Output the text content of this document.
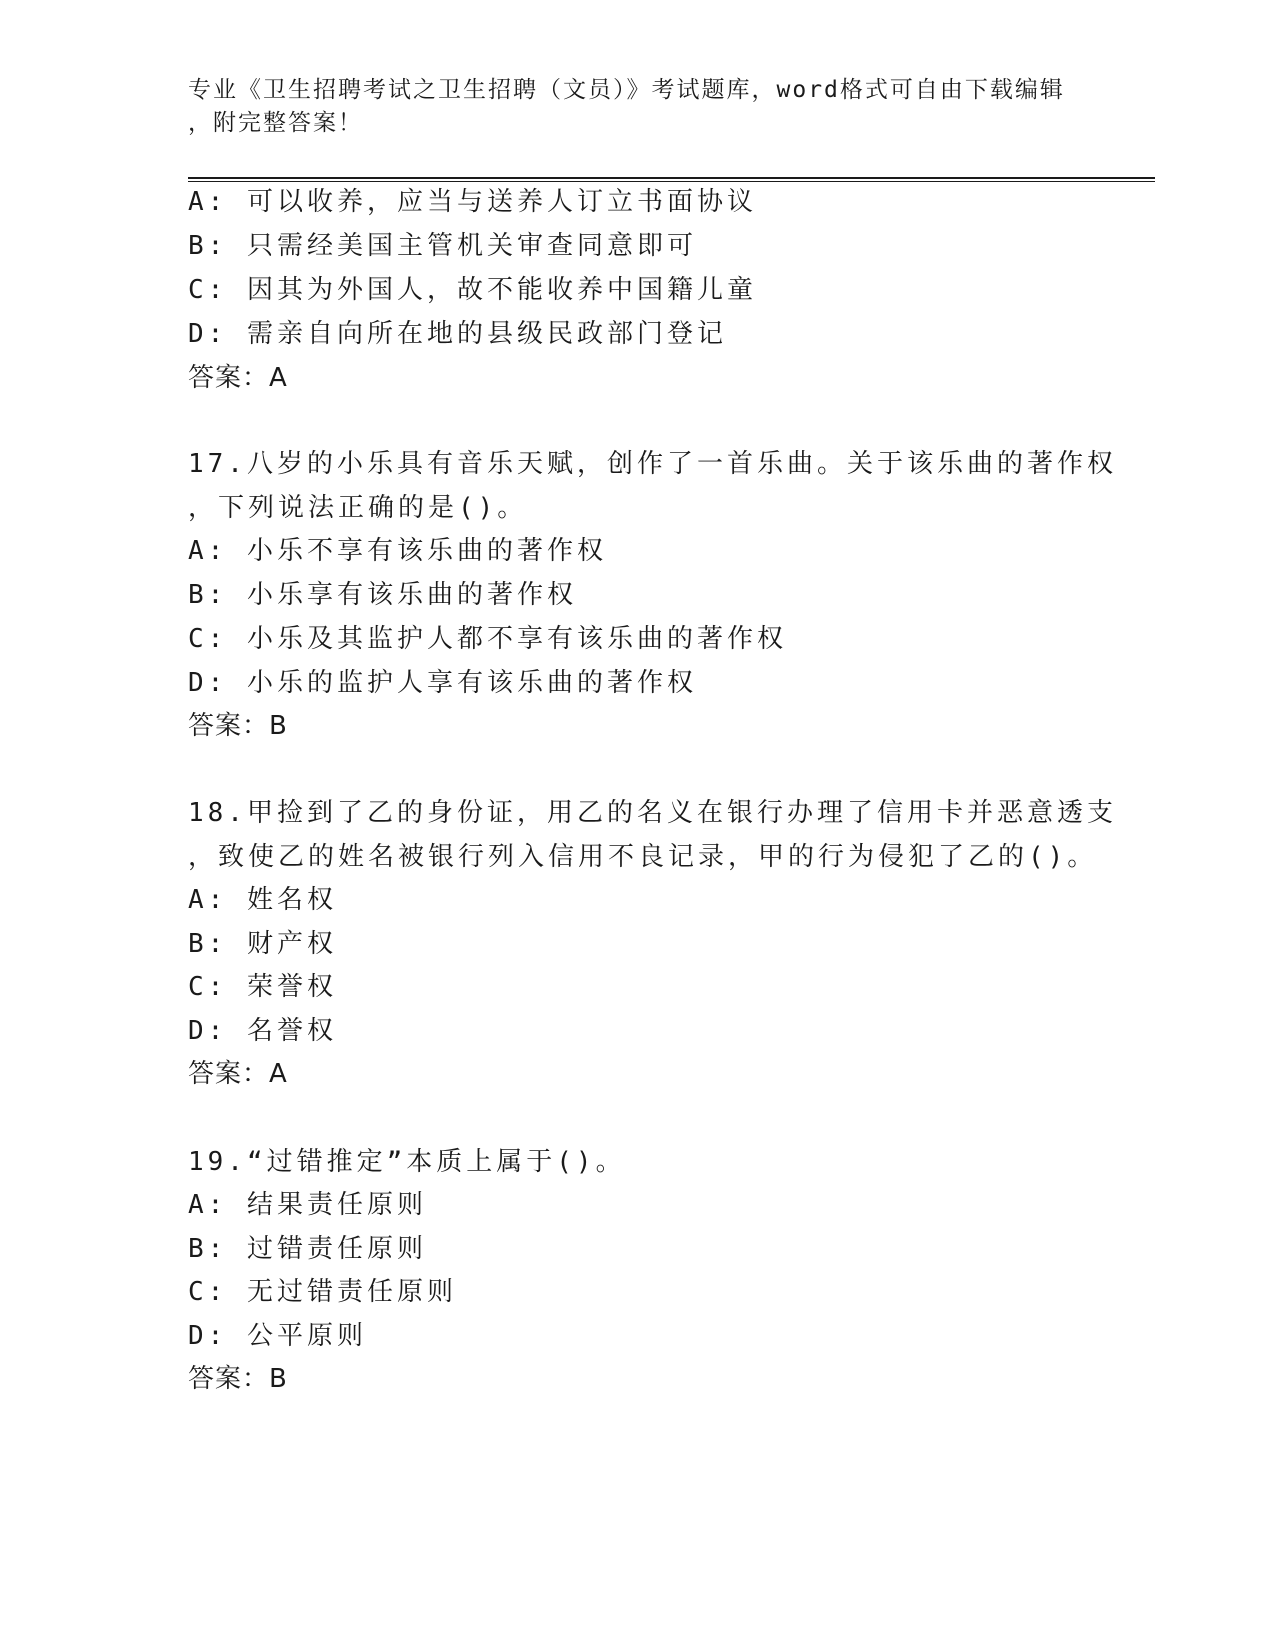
专业《卫生招聘考试之卫生招聘（文员）》考试题库，word格式可自由下载编辑
，附完整答案！
A: 可以收养，应当与送养人订立书面协议
B: 只需经美国主管机关审查同意即可
C: 因其为外国人，故不能收养中国籍儿童
D: 需亲自向所在地的县级民政部门登记
答案：A
17.八岁的小乐具有音乐天赋，创作了一首乐曲。关于该乐曲的著作权
，下列说法正确的是()。
A: 小乐不享有该乐曲的著作权
B: 小乐享有该乐曲的著作权
C: 小乐及其监护人都不享有该乐曲的著作权
D: 小乐的监护人享有该乐曲的著作权
答案：B
18.甲捡到了乙的身份证，用乙的名义在银行办理了信用卡并恶意透支
，致使乙的姓名被银行列入信用不良记录，甲的行为侵犯了乙的()。
A: 姓名权
B: 财产权
C: 荣誉权
D: 名誉权
答案：A
19.“过错推定”本质上属于()。
A: 结果责任原则
B: 过错责任原则
C: 无过错责任原则
D: 公平原则
答案：B
